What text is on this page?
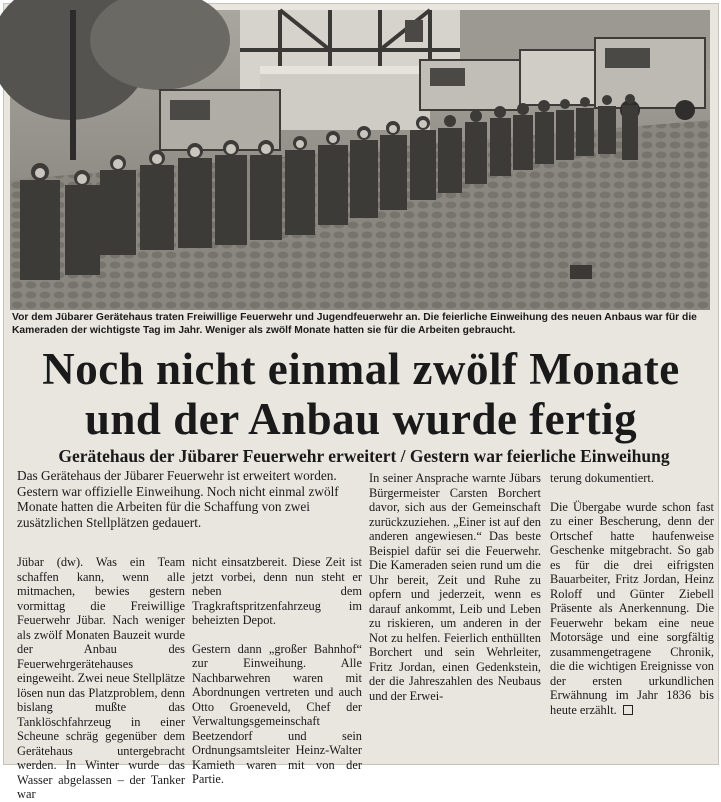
Vor dem Jübarer Gerätehaus traten Freiwillige Feuerwehr und Jugendfeuerwehr an. Die feierliche Einweihung des neuen Anbaus war für die Kameraden der wichtigste Tag im Jahr. Weniger als zwölf Monate hatten sie für die Arbeiten gebraucht.
Noch nicht einmal zwölf Monate
und der Anbau wurde fertig
Gerätehaus der Jübarer Feuerwehr erweitert / Gestern war feierliche Einweihung
Das Gerätehaus der Jübarer Feuerwehr ist erweitert worden. Gestern war offizielle Einweihung. Noch nicht einmal zwölf Monate hatten die Arbeiten für die Schaffung von zwei zusätzlichen Stellplätzen gedauert.

Jübar (dw). Was ein Team schaffen kann, wenn alle mitmachen, bewies gestern vormittag die Freiwillige Feuerwehr Jübar. Nach weniger als zwölf Monaten Bauzeit wurde der Anbau des Feuerwehrgerätehauses eingeweiht. Zwei neue Stellplätze lösen nun das Platzproblem, denn bislang mußte das Tanklöschfahrzeug in einer Scheune schräg gegenüber dem Gerätehaus untergebracht werden. In Winter wurde das Wasser abgelassen – der Tanker war

nicht einsatzbereit. Diese Zeit ist jetzt vorbei, denn nun steht er neben dem Tragkraftspritzenfahrzeug im beheizten Depot.

Gestern dann „großer Bahnhof“ zur Einweihung. Alle Nachbarwehren waren mit Abordnungen vertreten und auch Otto Groeneveld, Chef der Verwaltungsgemeinschaft Beetzendorf und sein Ordnungsamtsleiter Heinz-Walter Kamieth waren mit von der Partie.

In seiner Ansprache warnte Jübars Bürgermeister Carsten Borchert davor, sich aus der Gemeinschaft zurückzuziehen. „Einer ist auf den anderen angewiesen.“ Das beste Beispiel dafür sei die Feuerwehr. Die Kameraden seien rund um die Uhr bereit, Zeit und Ruhe zu opfern und jederzeit, wenn es darauf ankommt, Leib und Leben zu riskieren, um anderen in der Not zu helfen. Feierlich enthüllten Borchert und sein Wehrleiter, Fritz Jordan, einen Gedenkstein, der die Jahreszahlen des Neubaus und der Erwei-

terung dokumentiert.

Die Übergabe wurde schon fast zu einer Bescherung, denn der Ortschef hatte haufenweise Geschenke mitgebracht. So gab es für die drei eifrigsten Bauarbeiter, Fritz Jordan, Heinz Roloff und Günter Ziebell Präsente als Anerkennung. Die Feuerwehr bekam eine neue Motorsäge und eine sorgfältig zusammengetragene Chronik, die die wichtigen Ereignisse von der ersten urkundlichen Erwähnung im Jahr 1836 bis heute erzählt.
